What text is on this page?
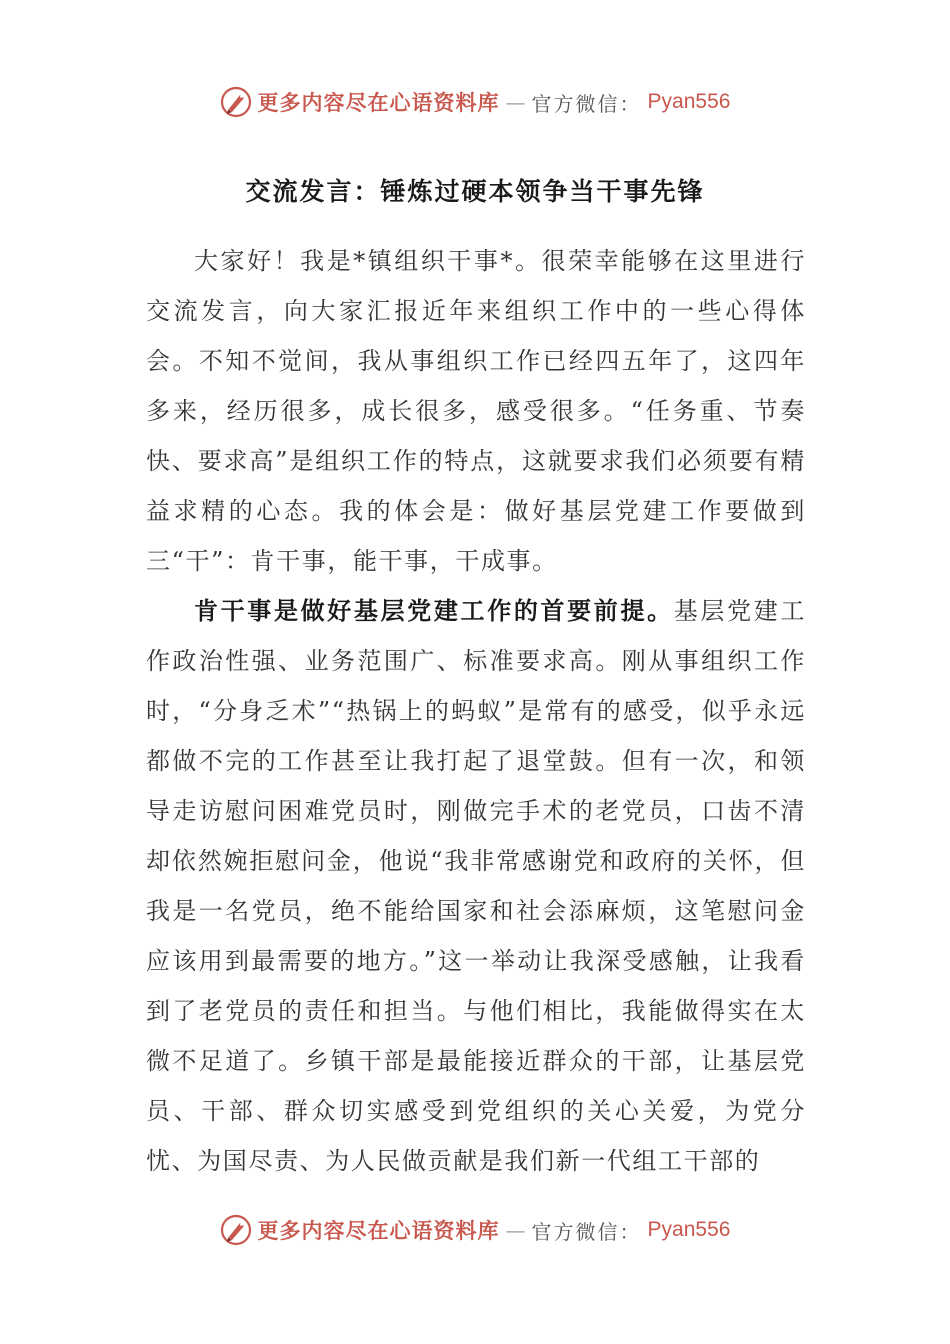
更多内容尽在心语资料库 — 官方微信： Pyan556
交流发言：锤炼过硬本领争当干事先锋

大家好！我是*镇组织干事*。很荣幸能够在这里进行交流发言，向大家汇报近年来组织工作中的一些心得体会。不知不觉间，我从事组织工作已经四五年了，这四年多来，经历很多，成长很多，感受很多。“任务重、节奏快、要求高”是组织工作的特点，这就要求我们必须要有精益求精的心态。我的体会是：做好基层党建工作要做到三“干”：肯干事，能干事，干成事。

肯干事是做好基层党建工作的首要前提。基层党建工作政治性强、业务范围广、标准要求高。刚从事组织工作时，“分身乏术”“热锅上的蚂蚁”是常有的感受，似乎永远都做不完的工作甚至让我打起了退堂鼓。但有一次，和领导走访慰问困难党员时，刚做完手术的老党员，口齿不清却依然婉拒慰问金，他说“我非常感谢党和政府的关怀，但我是一名党员，绝不能给国家和社会添麻烦，这笔慰问金应该用到最需要的地方。”这一举动让我深受感触，让我看到了老党员的责任和担当。与他们相比，我能做得实在太微不足道了。乡镇干部是最能接近群众的干部，让基层党员、干部、群众切实感受到党组织的关心关爱，为党分忧、为国尽责、为人民做贡献是我们新一代组工干部的

更多内容尽在心语资料库 — 官方微信： Pyan556
